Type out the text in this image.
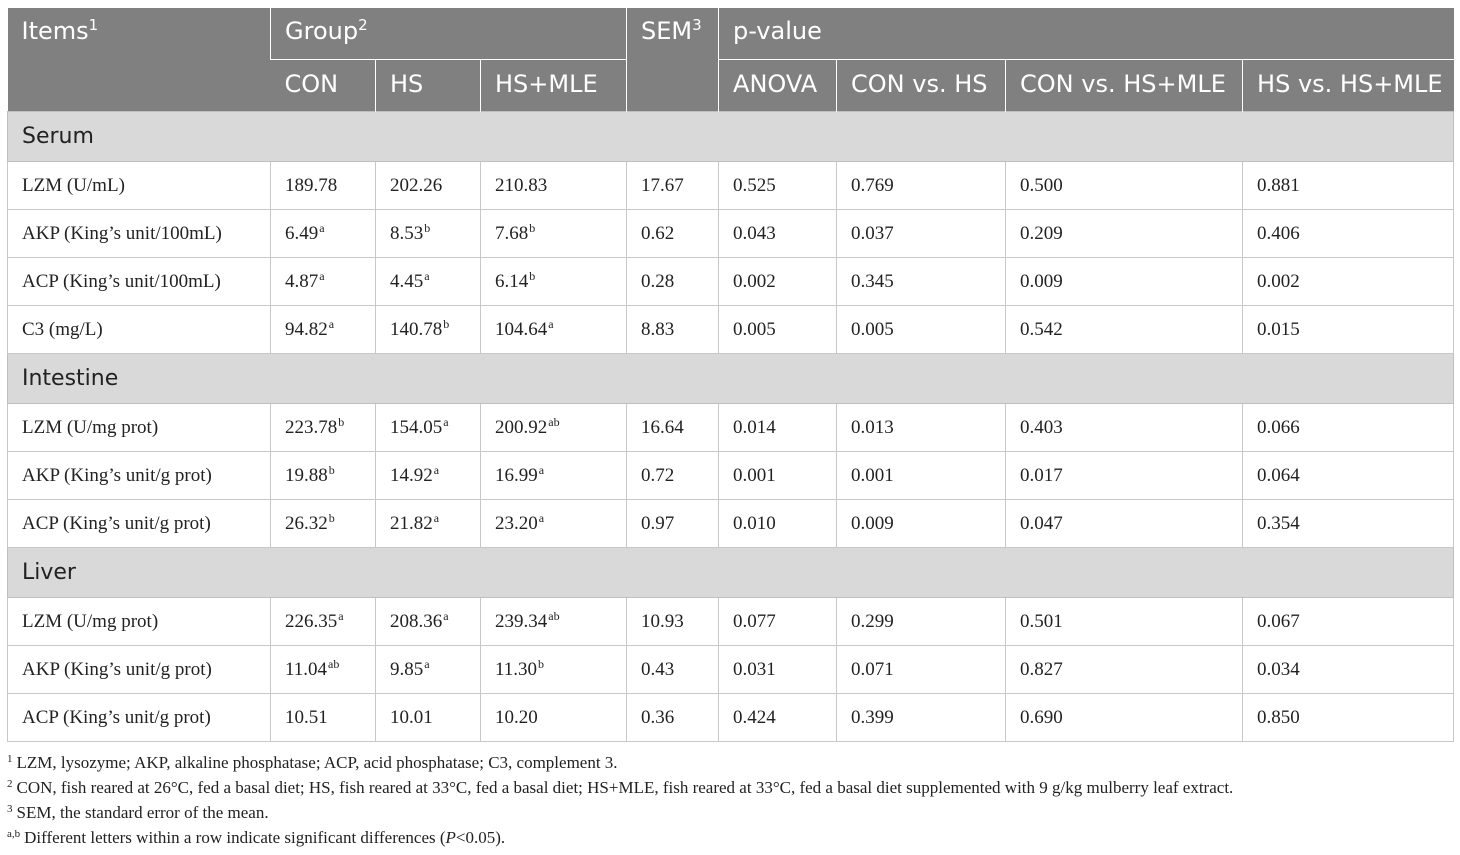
Items$^1$	Group$^2$			SEM$^3$	p-value			
	CON	HS	HS+MLE		ANOVA	CON vs. HS	CON vs. HS+MLE	HS vs. HS+MLE
Serum								
LZM (U/mL)	189.78	202.26	210.83	17.67	0.525	0.769	0.500	0.881
AKP (King’s unit/100mL)	6.49$^a$	8.53$^b$	7.68$^b$	0.62	0.043	0.037	0.209	0.406
ACP (King’s unit/100mL)	4.87$^a$	4.45$^a$	6.14$^b$	0.28	0.002	0.345	0.009	0.002
C3 (mg/L)	94.82$^a$	140.78$^b$	104.64$^a$	8.83	0.005	0.005	0.542	0.015
Intestine								
LZM (U/mg prot)	223.78$^b$	154.05$^a$	200.92$^{ab}$	16.64	0.014	0.013	0.403	0.066
AKP (King’s unit/g prot)	19.88$^b$	14.92$^a$	16.99$^a$	0.72	0.001	0.001	0.017	0.064
ACP (King’s unit/g prot)	26.32$^b$	21.82$^a$	23.20$^a$	0.97	0.010	0.009	0.047	0.354
Liver								
LZM (U/mg prot)	226.35$^a$	208.36$^a$	239.34$^{ab}$	10.93	0.077	0.299	0.501	0.067
AKP (King’s unit/g prot)	11.04$^{ab}$	9.85$^a$	11.30$^b$	0.43	0.031	0.071	0.827	0.034
ACP (King’s unit/g prot)	10.51	10.01	10.20	0.36	0.424	0.399	0.690	0.850
$^1$ LZM, lysozyme; AKP, alkaline phosphatase; ACP, acid phosphatase; C3, complement 3.
$^2$ CON, fish reared at 26°C, fed a basal diet; HS, fish reared at 33°C, fed a basal diet; HS+MLE, fish reared at 33°C, fed a basal diet supplemented with 9 g/kg mulberry leaf extract.
$^3$ SEM, the standard error of the mean.
$^{a,b}$ Different letters within a row indicate significant differences (P<0.05).
